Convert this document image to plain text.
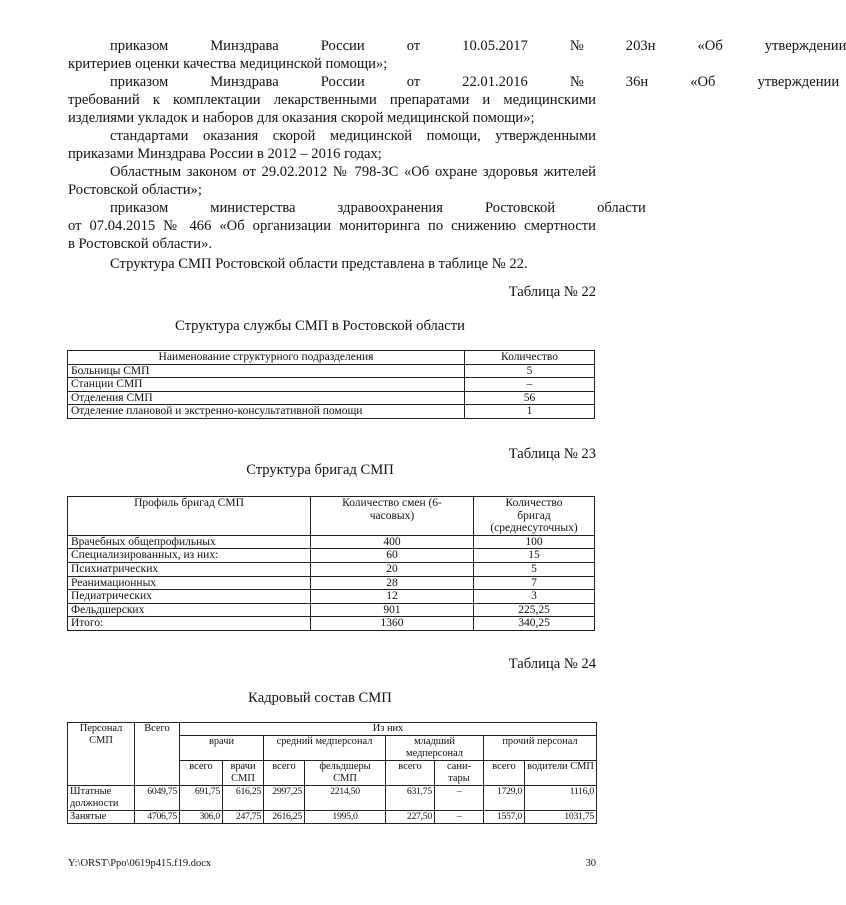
приказом	Минздрава	России	от	10.05.2017	№	203н	«Об	утверждении

критериев оценки качества медицинской помощи»;

приказом	Минздрава	России	от	22.01.2016	№	36н	«Об	утверждении

требований к комплектации лекарственными препаратами и медицинскими

изделиями укладок и наборов для оказания скорой медицинской помощи»;

стандартами оказания скорой медицинской помощи, утвержденными

приказами Минздрава России в 2012 – 2016 годах;

Областным законом от 29.02.2012 № 798-ЗС «Об охране здоровья жителей

Ростовской области»;

приказом	министерства	здравоохранения	Ростовской	области

от 07.04.2015 № 466 «Об организации мониторинга по снижению смертности

в Ростовской области».

Структура СМП Ростовской области представлена в таблице № 22.

Таблица № 22
Структура службы СМП в Ростовской области
Наименование структурного подразделения	Количество
Больницы СМП	5
Станции СМП	–
Отделения СМП	56
Отделение плановой и экстренно-консультативной помощи	1
Таблица № 23
Структура бригад СМП
Профиль бригад СМП	Количество смен (6-часовых)	Количество бригад (среднесуточных)
Врачебных общепрофильных	400	100
Специализированных, из них:	60	15
Психиатрических	20	5
Реанимационных	28	7
Педиатрических	12	3
Фельдшерских	901	225,25
Итого:	1360	340,25
Таблица № 24
Кадровый состав СМП
Персонал СМП	Всего	Из них							
		врачи		средний медперсонал		младший медперсонал		прочий персонал	
		всего	врачи СМП	всего	фельдшеры СМП	всего	сани-тары	всего	водители СМП
Штатные должности	6049,75	691,75	616,25	2997,25	2214,50	631,75	–	1729,0	1116,0
Занятые	4706,75	306,0	247,75	2616,25	1995,0	227,50	–	1557,0	1031,75
Y:\ORST\Ppo\0619p415.f19.docx	30
